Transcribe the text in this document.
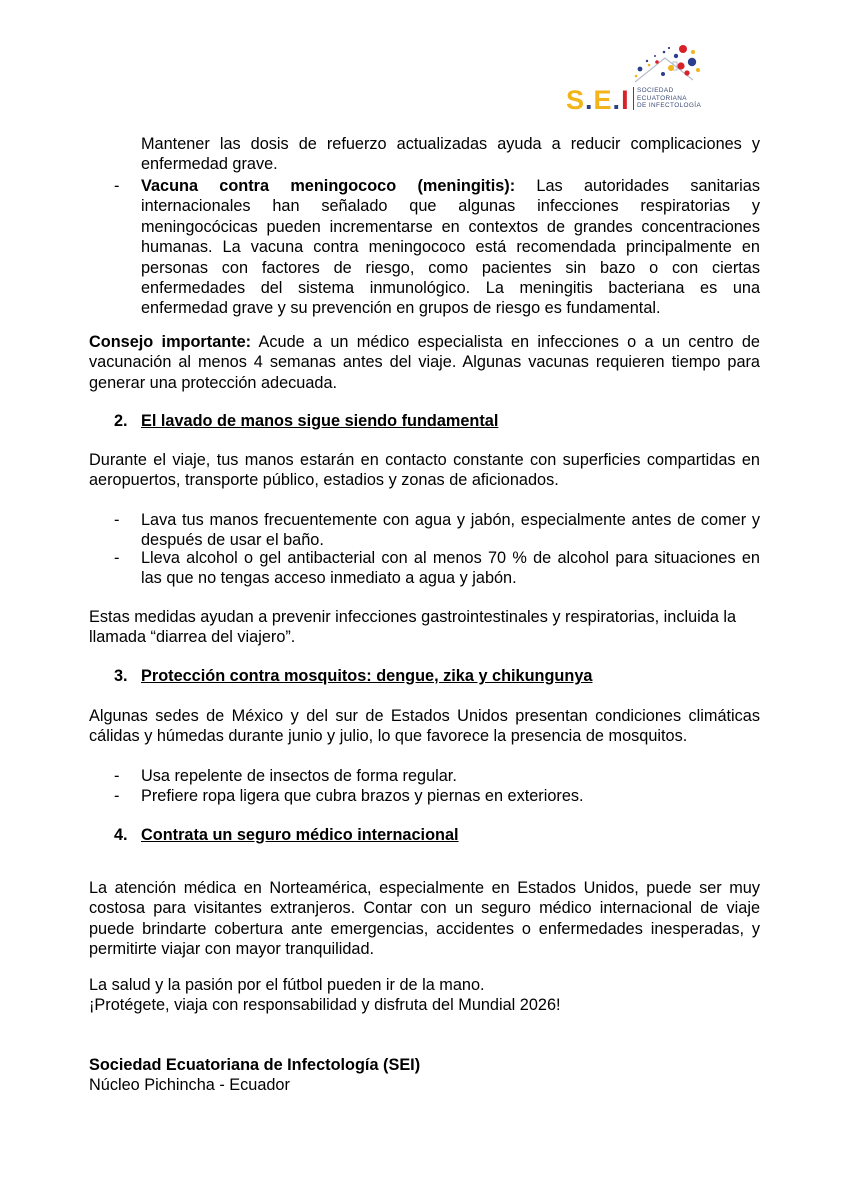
S.E.I SOCIEDAD
ECUATORIANA
DE INFECTOLOGÍA
Mantener las dosis de refuerzo actualizadas ayuda a reducir complicaciones y enfermedad grave.
- Vacuna contra meningococo (meningitis): Las autoridades sanitarias internacionales han señalado que algunas infecciones respiratorias y meningocócicas pueden incrementarse en contextos de grandes concentraciones humanas. La vacuna contra meningococo está recomendada principalmente en personas con factores de riesgo, como pacientes sin bazo o con ciertas enfermedades del sistema inmunológico. La meningitis bacteriana es una enfermedad grave y su prevención en grupos de riesgo es fundamental.
Consejo importante: Acude a un médico especialista en infecciones o a un centro de vacunación al menos 4 semanas antes del viaje. Algunas vacunas requieren tiempo para generar una protección adecuada.
2. El lavado de manos sigue siendo fundamental
Durante el viaje, tus manos estarán en contacto constante con superficies compartidas en aeropuertos, transporte público, estadios y zonas de aficionados.
- Lava tus manos frecuentemente con agua y jabón, especialmente antes de comer y después de usar el baño.
- Lleva alcohol o gel antibacterial con al menos 70 % de alcohol para situaciones en las que no tengas acceso inmediato a agua y jabón.
Estas medidas ayudan a prevenir infecciones gastrointestinales y respiratorias, incluida la llamada “diarrea del viajero”.
3. Protección contra mosquitos: dengue, zika y chikungunya
Algunas sedes de México y del sur de Estados Unidos presentan condiciones climáticas cálidas y húmedas durante junio y julio, lo que favorece la presencia de mosquitos.
- Usa repelente de insectos de forma regular.
- Prefiere ropa ligera que cubra brazos y piernas en exteriores.
4. Contrata un seguro médico internacional
La atención médica en Norteamérica, especialmente en Estados Unidos, puede ser muy costosa para visitantes extranjeros. Contar con un seguro médico internacional de viaje puede brindarte cobertura ante emergencias, accidentes o enfermedades inesperadas, y permitirte viajar con mayor tranquilidad.
La salud y la pasión por el fútbol pueden ir de la mano.
¡Protégete, viaja con responsabilidad y disfruta del Mundial 2026!
Sociedad Ecuatoriana de Infectología (SEI)
Núcleo Pichincha - Ecuador
